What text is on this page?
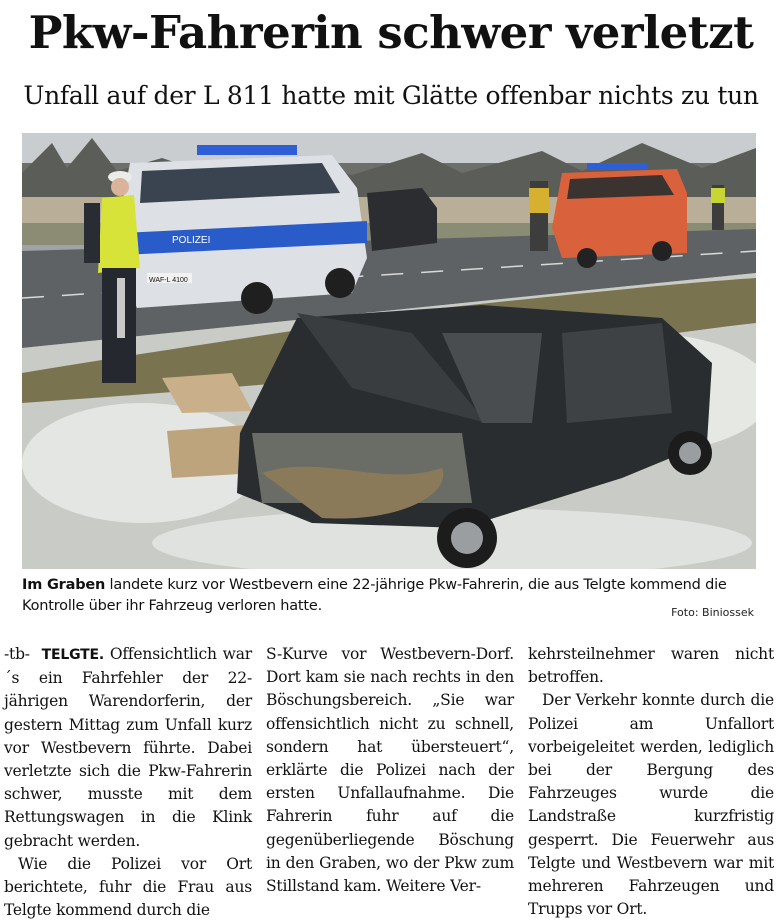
Pkw-Fahrerin schwer verletzt
Unfall auf der L 811 hatte mit Glätte offenbar nichts zu tun
POLIZEI
WAF-L 4100
Im Graben landete kurz vor Westbevern eine 22-jährige Pkw-Fahrerin, die aus Telgte kommend die Kontrolle über ihr Fahrzeug verloren hatte.	Foto: Biniossek

-tb- TELGTE. Offensichtlich war´s ein Fahrfehler der 22-jährigen Warendorferin, der gestern Mittag zum Unfall kurz vor Westbevern führte. Dabei verletzte sich die Pkw-Fahrerin schwer, musste mit dem Rettungswagen in die Klink gebracht werden.

Wie die Polizei vor Ort berichtete, fuhr die Frau aus Telgte kommend durch die

S-Kurve vor Westbevern-Dorf. Dort kam sie nach rechts in den Böschungsbereich. „Sie war offensichtlich nicht zu schnell, sondern hat übersteuert“, erklärte die Polizei nach der ersten Unfallaufnahme. Die Fahrerin fuhr auf die gegenüberliegende Böschung in den Graben, wo der Pkw zum Stillstand kam. Weitere Ver-

kehrsteilnehmer waren nicht betroffen.

Der Verkehr konnte durch die Polizei am Unfallort vorbeigeleitet werden, lediglich bei der Bergung des Fahrzeuges wurde die Landstraße kurzfristig gesperrt. Die Feuerwehr aus Telgte und Westbevern war mit mehreren Fahrzeugen und Trupps vor Ort.
